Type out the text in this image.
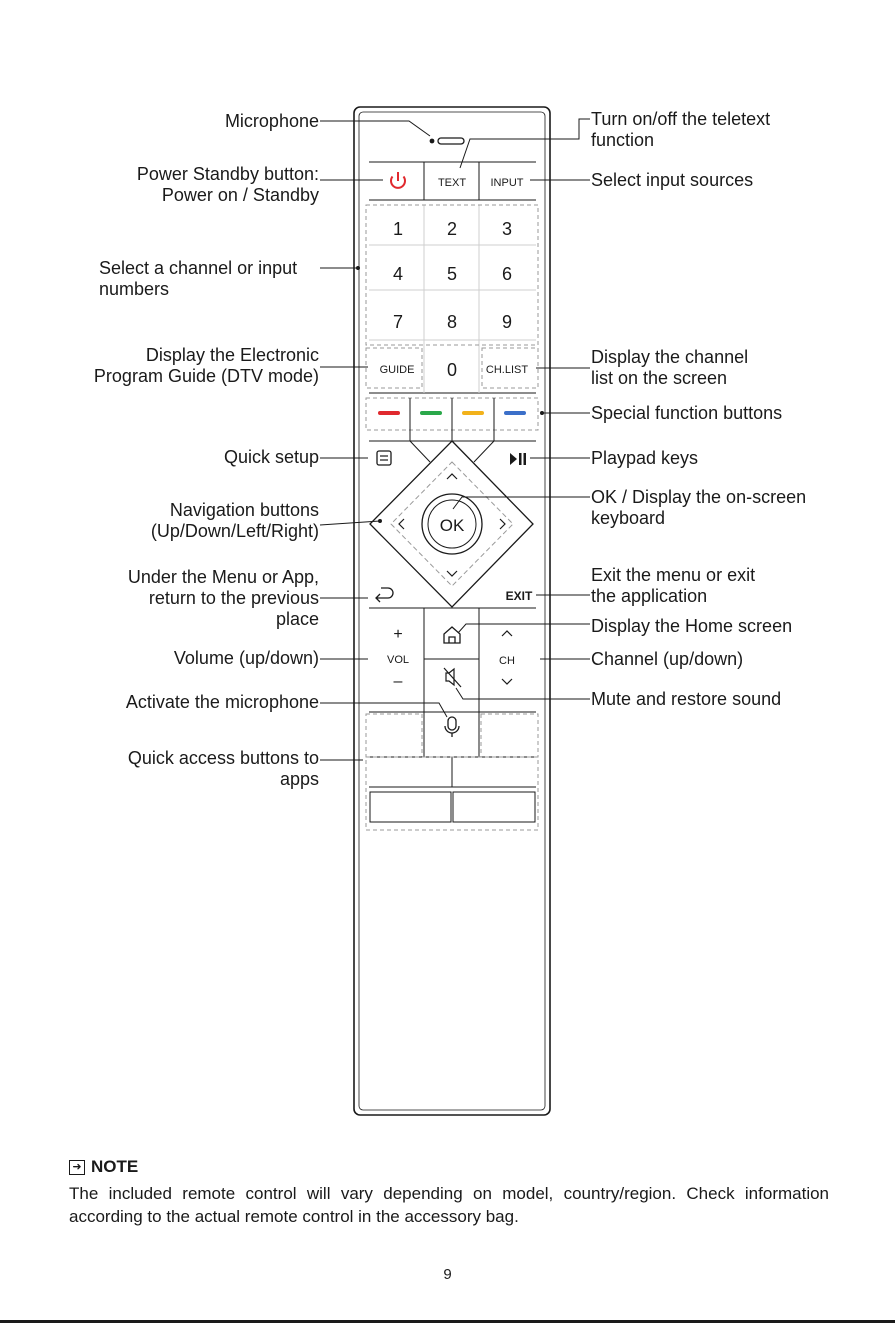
TEXT INPUT
1 2 3
4 5 6
7 8 9
GUIDE 0	CH.LIST
OK
EXIT
+
VOL
–
CH
Microphone
Power Standby button:
Power on / Standby
Select a channel or input
numbers
Display the Electronic
Program Guide (DTV mode)
Quick setup
Navigation buttons
(Up/Down/Left/Right)
Under the Menu or App,
return to the previous
place
Volume (up/down)
Activate the microphone
Quick access buttons to
apps
Turn on/off the teletext
function
Select input sources
Display the channel
list on the screen
Special function buttons
Playpad keys
OK / Display the on-screen
keyboard
Exit the menu or exit
the application
Display the Home screen
Channel (up/down)
Mute and restore sound
➜ NOTE
The included remote control will vary depending on model, country/region. Check information according to the actual remote control in the accessory bag.
9
